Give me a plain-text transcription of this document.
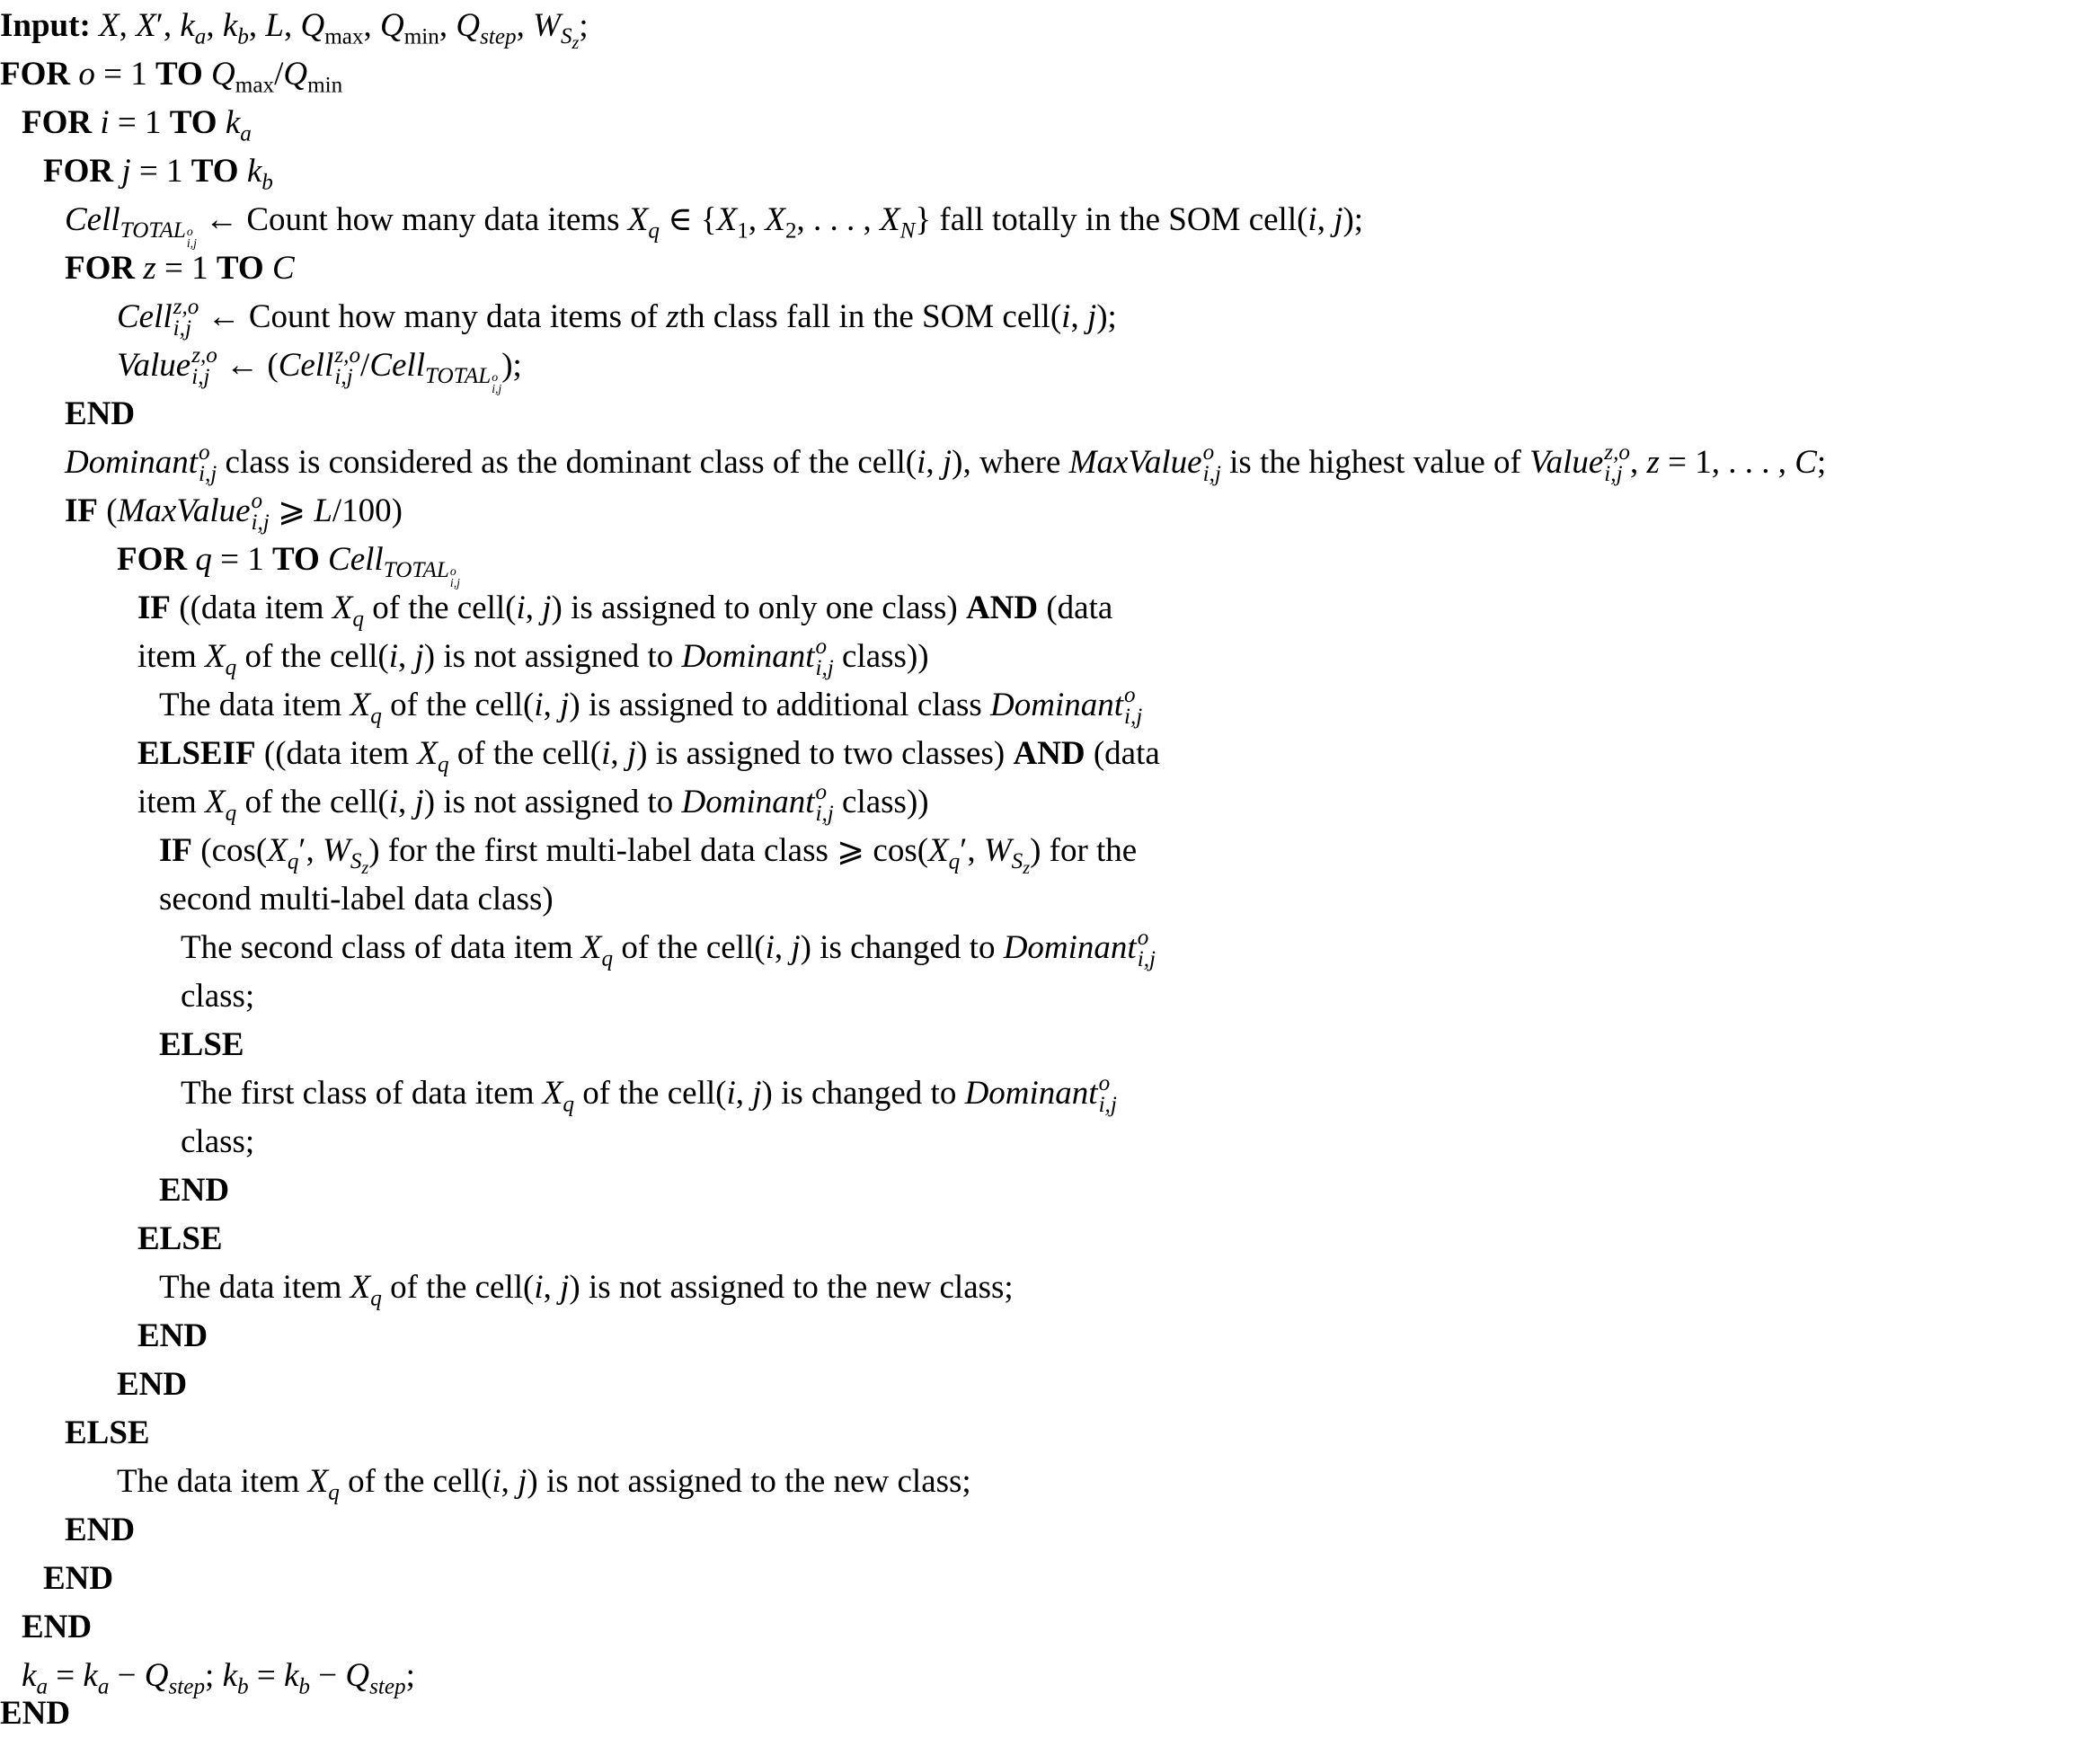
Input: X, X′, $k_a$, $k_b$, L, $Q_{max}$, $Q_{min}$, $Q_{step}$, $W_{S_z}$;
FOR o = 1 TO $Q_{max}/Q_{min}$
FOR i = 1 TO $k_a$
FOR j = 1 TO $k_b$
Cell$_{TOTAL _{o i,j}}$
← Count how many data items $X_q$ ∈ {$X_1$, $X_2$, . . . , $X_N$} fall totally in the SOM cell(i, j);
FOR z = 1 TO C
Cell z,o
i,j ← Count how many data items of zth class fall in the SOM cell(i, j);
Value z,o
i,j ← (Cell z,o
i,j /Cell$_{TOTAL _{o i,j}}$
);
END
Dominant o
i,j class is considered as the dominant class of the cell(i, j), where MaxValue o
i,j is the highest value of Value z,o
i,j , z = 1, . . . , C;
IF (MaxValue o
i,j ⩾ L/100)
FOR q = 1 TO Cell$_{TOTAL _{o i,j}}$
IF ((data item $X_q$ of the cell(i, j) is assigned to only one class) AND (data
item $X_q$ of the cell(i, j) is not assigned to Dominant o
i,j class))
The data item $X_q$ of the cell(i, j) is assigned to additional class Dominant o
i,j
ELSEIF ((data item $X_q$ of the cell(i, j) is assigned to two classes) AND (data
item $X_q$ of the cell(i, j) is not assigned to Dominant o
i,j class))
IF ($\cos(X_q'$, $W_{S_z}$) for the first multi-label data class ⩾ $\cos(X_q'$, $W_{S_z}$) for the
second multi-label data class)
The second class of data item $X_q$ of the cell(i, j) is changed to Dominant o
i,j
class;
ELSE
The first class of data item $X_q$ of the cell(i, j) is changed to Dominant o
i,j
class;
END
ELSE
The data item $X_q$ of the cell(i, j) is not assigned to the new class;
END
END
ELSE
The data item $X_q$ of the cell(i, j) is not assigned to the new class;
END
END
END
$k_a = k_a - Q_{step}$; $k_b = k_b - Q_{step}$;
END
